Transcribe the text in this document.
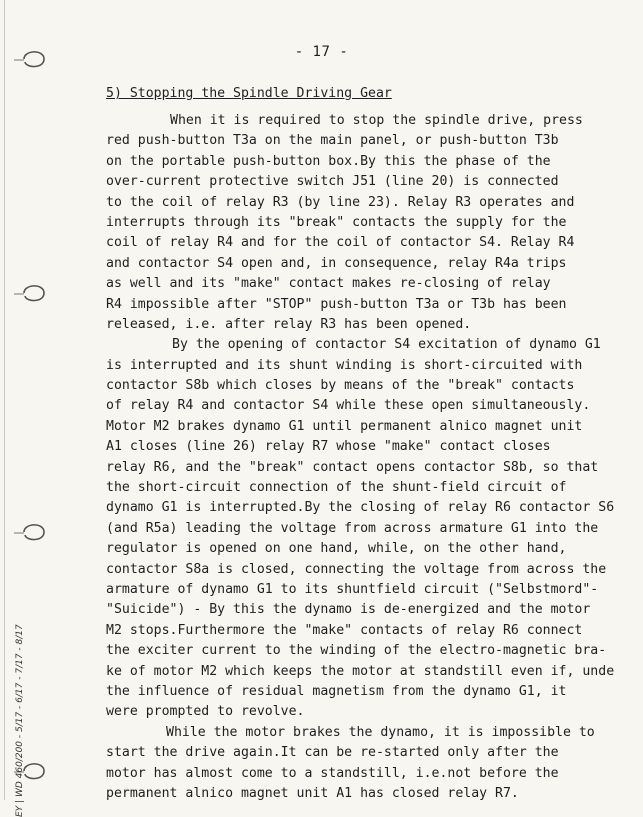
EY | WD 460/200 - 5/17 - 6/17 - 7/17 - 8/17
- 17 -
5) Stopping the Spindle Driving Gear
When it is required to stop the spindle drive, press
red push-button T3a on the main panel, or push-button T3b
on the portable push-button box.By this the phase of the
over-current protective switch J51 (line 20) is connected
to the coil of relay R3 (by line 23). Relay R3 operates and
interrupts through its "break" contacts the supply for the
coil of relay R4 and for the coil of contactor S4. Relay R4
and contactor S4 open and, in consequence, relay R4a trips
as well and its "make" contact makes re-closing of relay
R4 impossible after "STOP" push-button T3a or T3b has been
released, i.e. after relay R3 has been opened.
By the opening of contactor S4 excitation of dynamo G1
is interrupted and its shunt winding is short-circuited with
contactor S8b which closes by means of the "break" contacts
of relay R4 and contactor S4 while these open simultaneously.
Motor M2 brakes dynamo G1 until permanent alnico magnet unit
A1 closes (line 26) relay R7 whose "make" contact closes
relay R6, and the "break" contact opens contactor S8b, so that
the short-circuit connection of the shunt-field circuit of
dynamo G1 is interrupted.By the closing of relay R6 contactor S6
(and R5a) leading the voltage from across armature G1 into the
regulator is opened on one hand, while, on the other hand,
contactor S8a is closed, connecting the voltage from across the
armature of dynamo G1 to its shuntfield circuit ("Selbstmord"-
"Suicide") - By this the dynamo is de-energized and the motor
M2 stops.Furthermore the "make" contacts of relay R6 connect
the exciter current to the winding of the electro-magnetic bra-
ke of motor M2 which keeps the motor at standstill even if, unde
the influence of residual magnetism from the dynamo G1, it
were prompted to revolve.
While the motor brakes the dynamo, it is impossible to
start the drive again.It can be re-started only after the
motor has almost come to a standstill, i.e.not before the
permanent alnico magnet unit A1 has closed relay R7.
